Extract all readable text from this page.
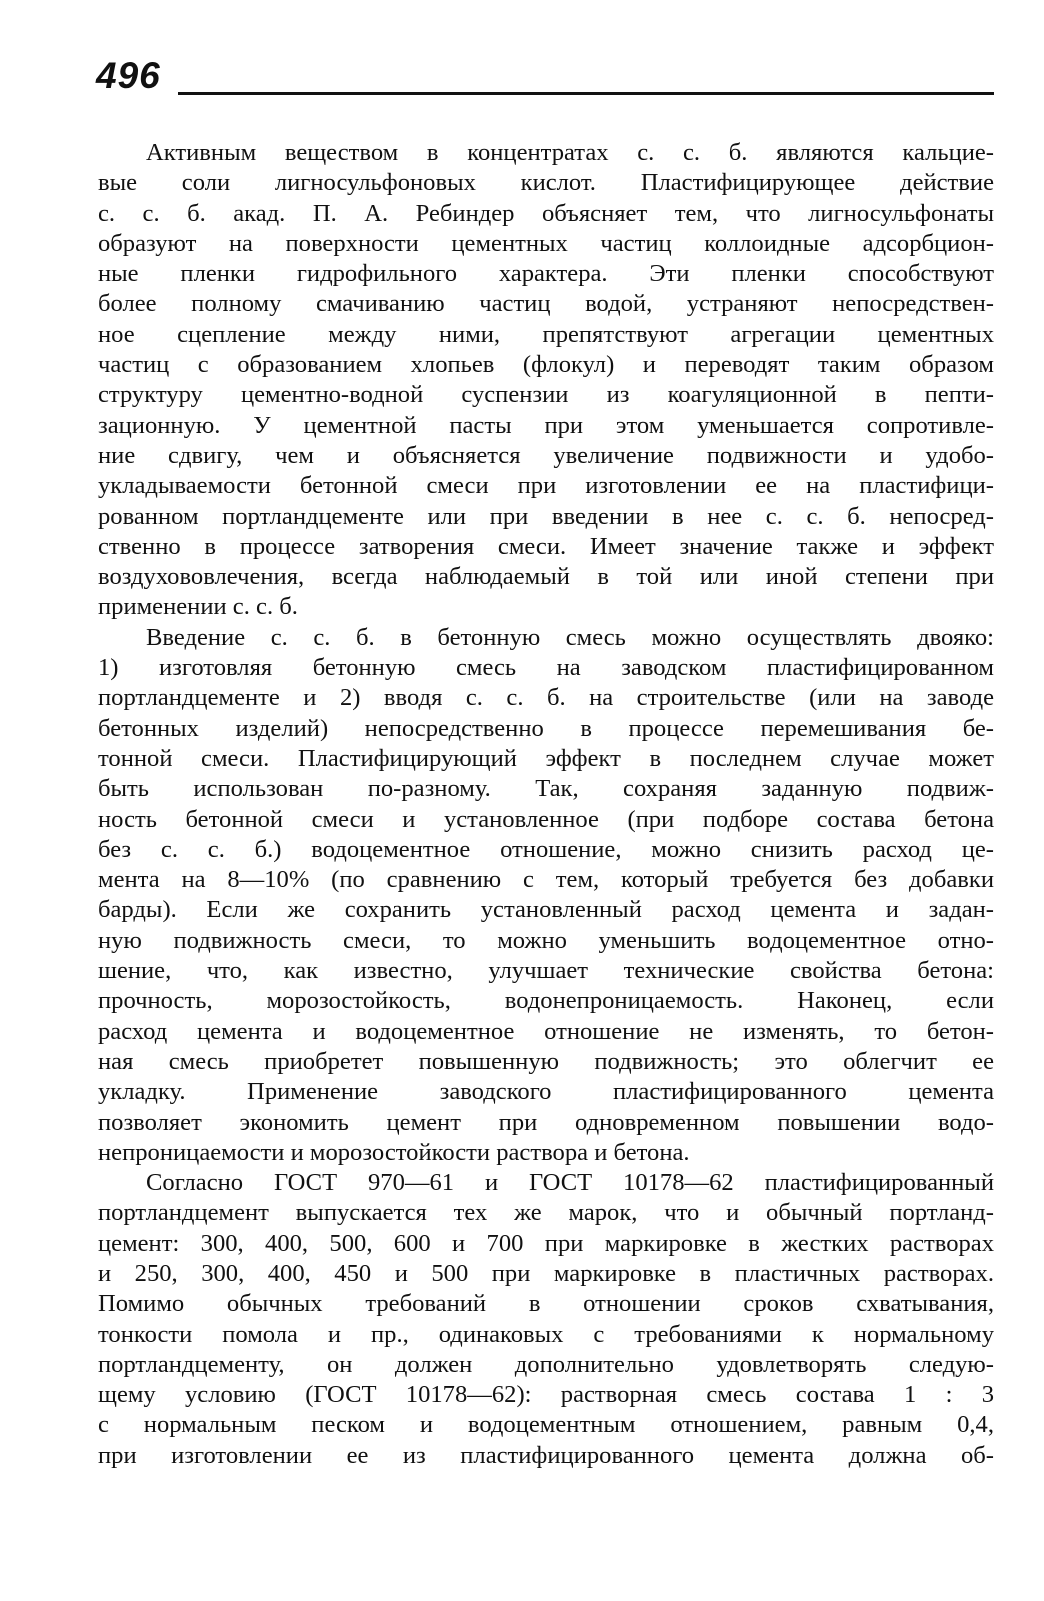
496
Активным веществом в концентратах с. с. б. являются кальцие-
вые соли лигносульфоновых кислот. Пластифицирующее действие
с. с. б. акад. П. А. Ребиндер объясняет тем, что лигносульфонаты
образуют на поверхности цементных частиц коллоидные адсорбцион-
ные пленки гидрофильного характера. Эти пленки способствуют
более полному смачиванию частиц водой, устраняют непосредствен-
ное сцепление между ними, препятствуют агрегации цементных
частиц с образованием хлопьев (флокул) и переводят таким образом
структуру цементно-водной суспензии из коагуляционной в пепти-
зационную. У цементной пасты при этом уменьшается сопротивле-
ние сдвигу, чем и объясняется увеличение подвижности и удобо-
укладываемости бетонной смеси при изготовлении ее на пластифици-
рованном портландцементе или при введении в нее с. с. б. непосред-
ственно в процессе затворения смеси. Имеет значение также и эффект
воздухововлечения, всегда наблюдаемый в той или иной степени при
применении с. с. б.
Введение с. с. б. в бетонную смесь можно осуществлять двояко:
1) изготовляя бетонную смесь на заводском пластифицированном
портландцементе и 2) вводя с. с. б. на строительстве (или на заводе
бетонных изделий) непосредственно в процессе перемешивания бе-
тонной смеси. Пластифицирующий эффект в последнем случае может
быть использован по-разному. Так, сохраняя заданную подвиж-
ность бетонной смеси и установленное (при подборе состава бетона
без с. с. б.) водоцементное отношение, можно снизить расход це-
мента на 8—10% (по сравнению с тем, который требуется без добавки
барды). Если же сохранить установленный расход цемента и задан-
ную подвижность смеси, то можно уменьшить водоцементное отно-
шение, что, как известно, улучшает технические свойства бетона:
прочность, морозостойкость, водонепроницаемость. Наконец, если
расход цемента и водоцементное отношение не изменять, то бетон-
ная смесь приобретет повышенную подвижность; это облегчит ее
укладку. Применение заводского пластифицированного цемента
позволяет экономить цемент при одновременном повышении водо-
непроницаемости и морозостойкости раствора и бетона.
Согласно ГОСТ 970—61 и ГОСТ 10178—62 пластифицированный
портландцемент выпускается тех же марок, что и обычный портланд-
цемент: 300, 400, 500, 600 и 700 при маркировке в жестких растворах
и 250, 300, 400, 450 и 500 при маркировке в пластичных растворах.
Помимо обычных требований в отношении сроков схватывания,
тонкости помола и пр., одинаковых с требованиями к нормальному
портландцементу, он должен дополнительно удовлетворять следую-
щему условию (ГОСТ 10178—62): растворная смесь состава 1 : 3
с нормальным песком и водоцементным отношением, равным 0,4,
при изготовлении ее из пластифицированного цемента должна об-
